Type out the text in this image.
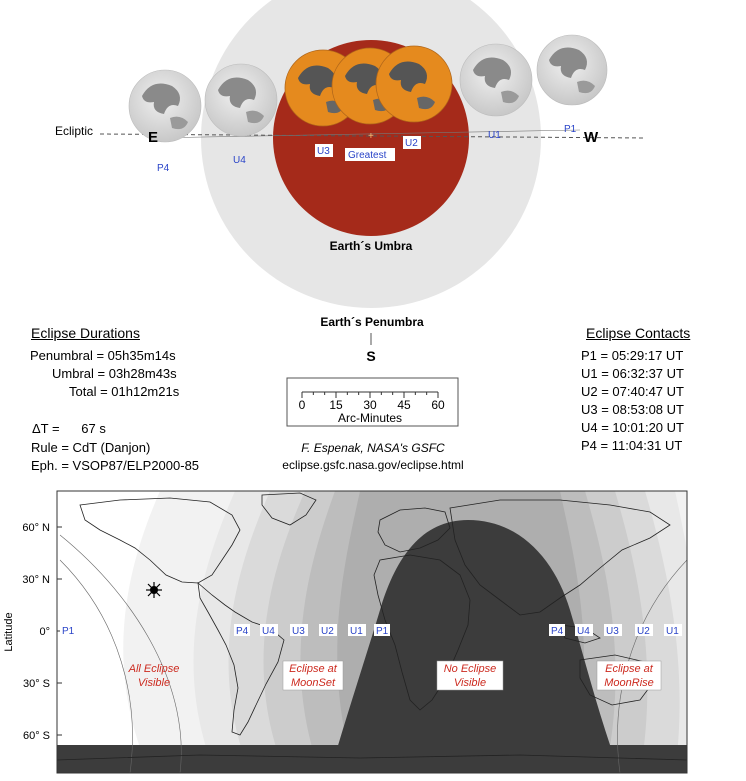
+
Ecliptic	E	W
P4
U4
U1
P1
U3 Greatest
U2
Earth´s Umbra
Earth´s Penumbra
S
0 15 30 45 60
Arc-Minutes
F. Espenak, NASA's GSFC
eclipse.gsfc.nasa.gov/eclipse.html
60° N
30° N
0°
30° S
60° S
Latitude	P1	P4 U4 U3 U2 U1 P1	P4 U4 U3 U2 U1
All Eclipse
Visible
Eclipse at
MoonSet
No Eclipse
Visible
Eclipse at
MoonRise
Eclipse Durations
Penumbral = 05h35m14s
Umbral = 03h28m43s
Total = 01h12m21s
ΔT =      67 s
Rule = CdT (Danjon)
Eph. = VSOP87/ELP2000-85
Eclipse Contacts
P1 = 05:29:17 UT
U1 = 06:32:37 UT
U2 = 07:40:47 UT
U3 = 08:53:08 UT
U4 = 10:01:20 UT
P4 = 11:04:31 UT
